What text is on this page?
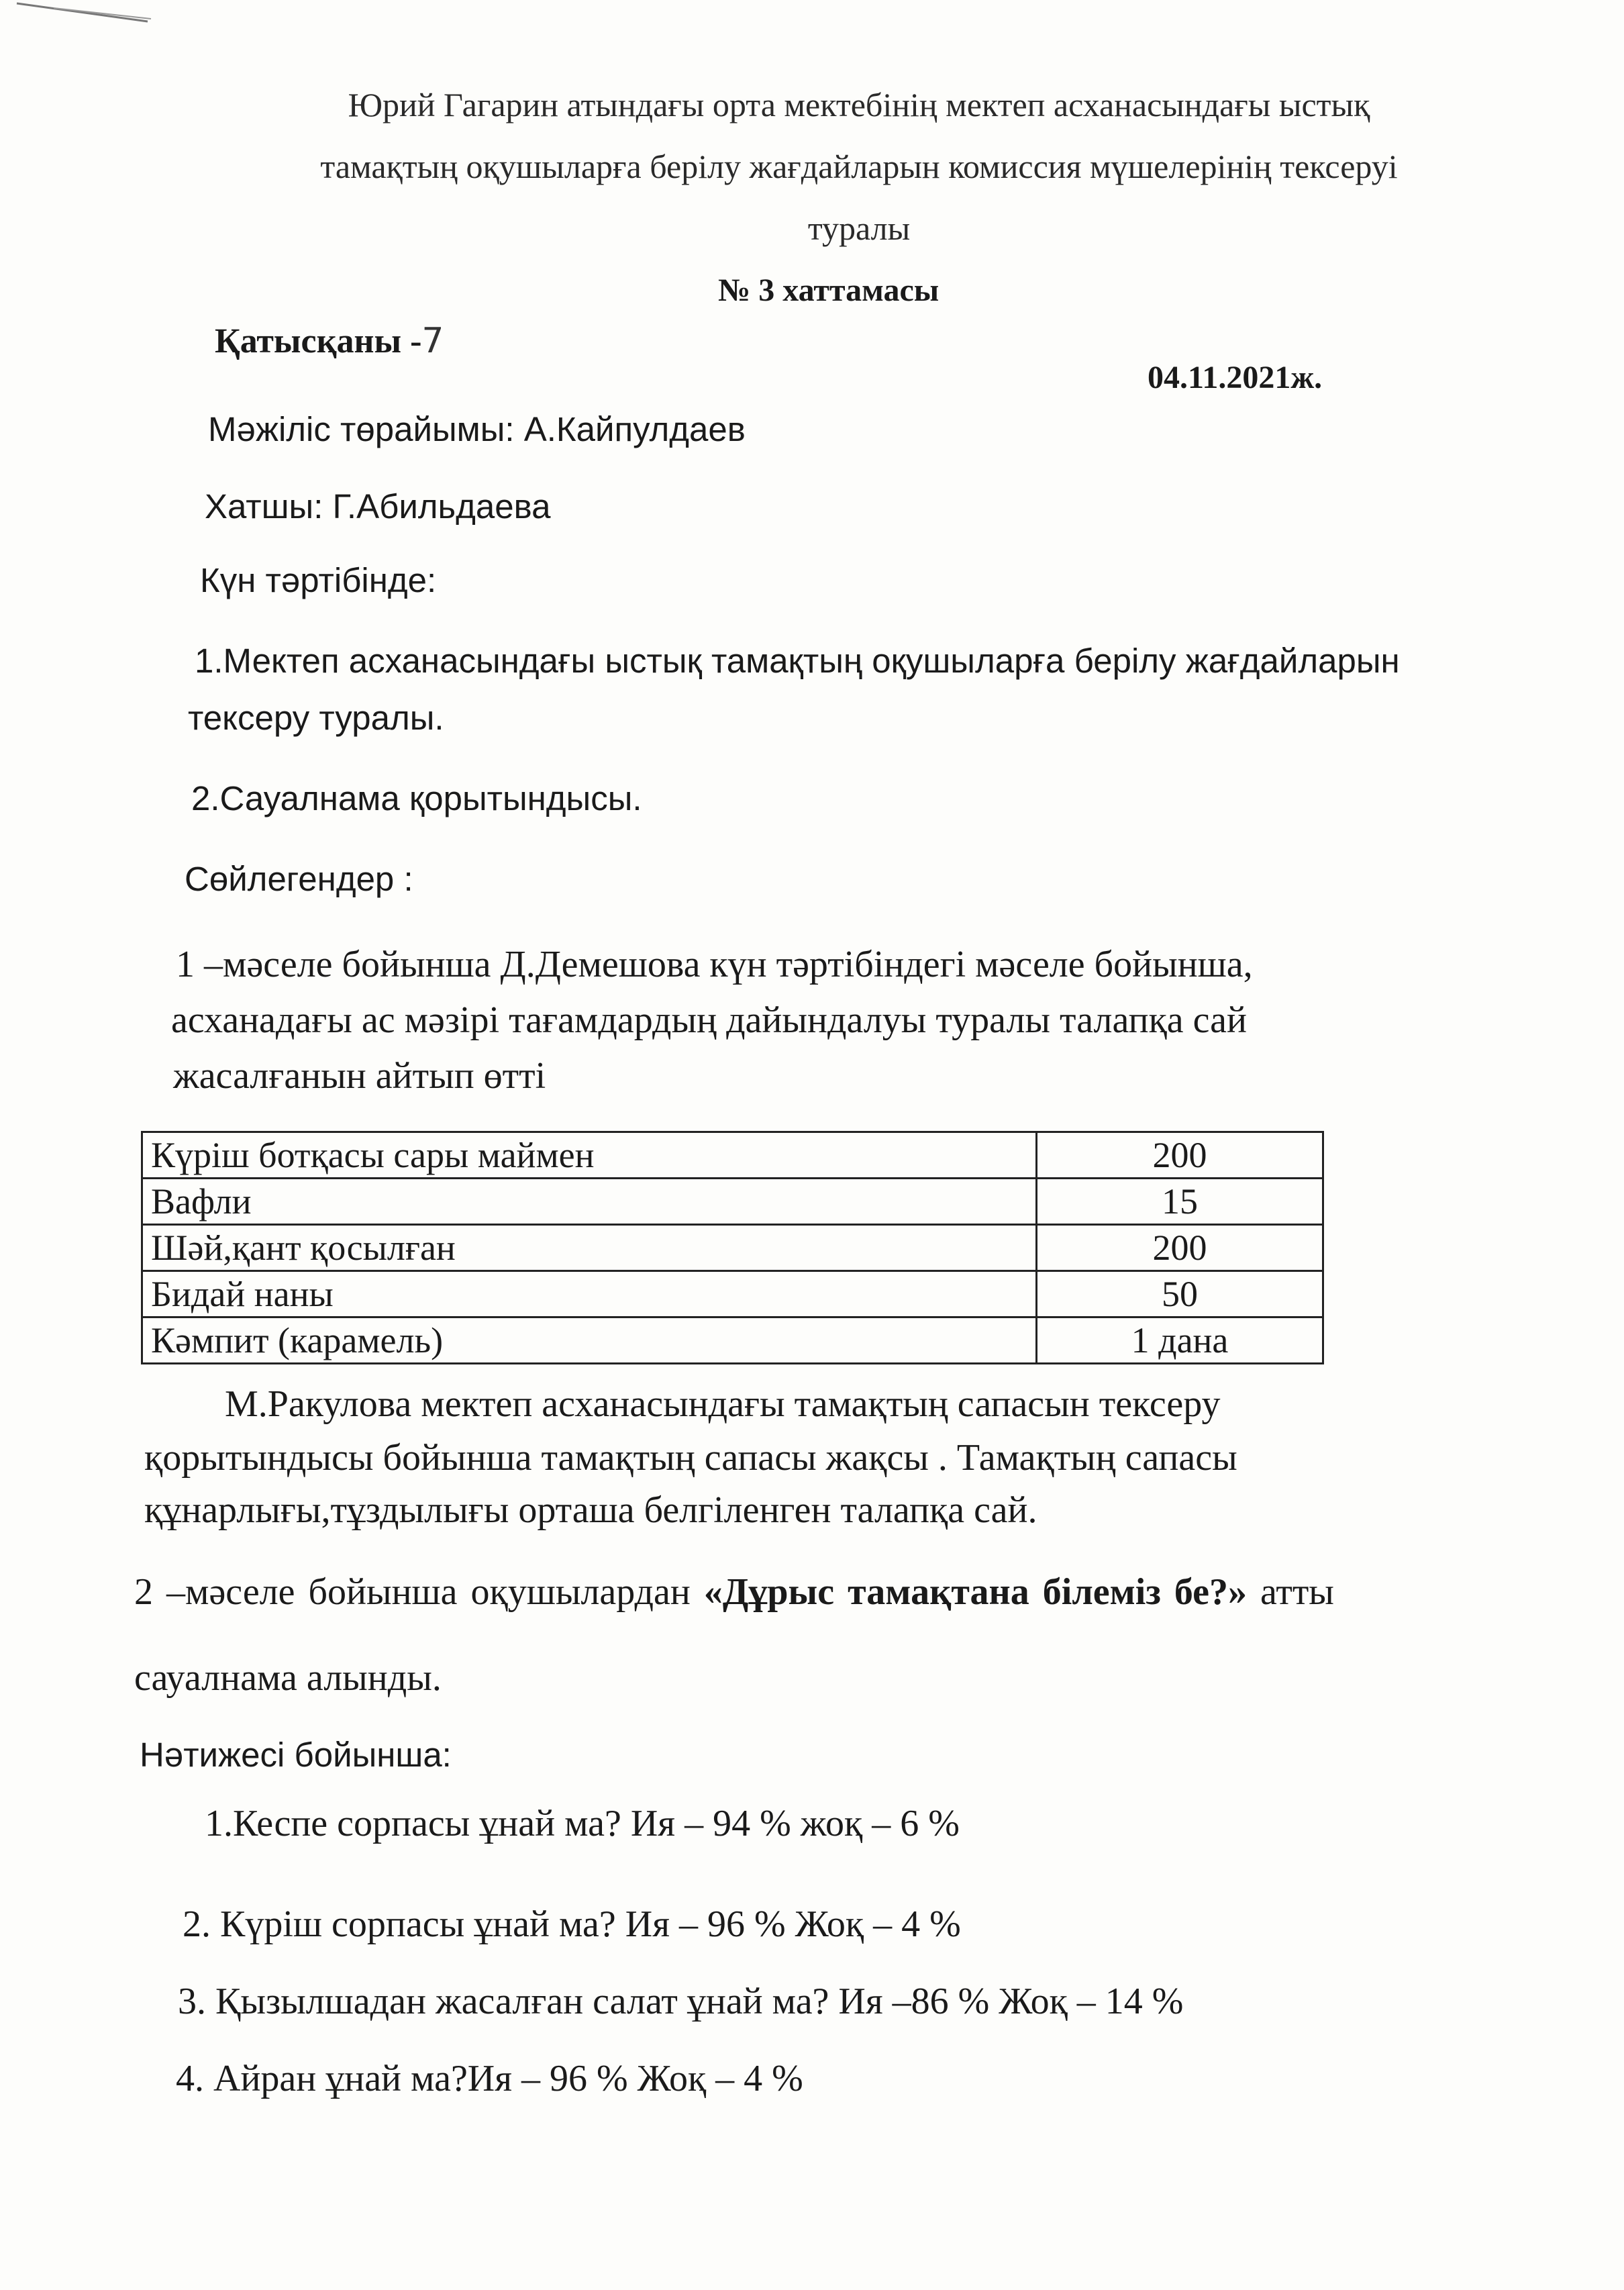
Юрий Гагарин атындағы орта мектебінің мектеп асханасындағы ыстық
тамақтың оқушыларға берілу жағдайларын комиссия мүшелерінің тексеруі
туралы
№ 3 хаттамасы
Қатысқаны -7
04.11.2021ж.
Мәжіліс төрайымы: А.Кайпулдаев
Хатшы: Г.Абильдаева
Күн тәртібінде:
1.Мектеп асханасындағы ыстық тамақтың оқушыларға берілу жағдайларын
тексеру туралы.
2.Сауалнама қорытындысы.
Сөйлегендер :
1 –мәселе бойынша Д.Демешова күн тәртібіндегі мәселе бойынша,
асханадағы ас мәзірі тағамдардың дайындалуы туралы талапқа сай
жасалғанын айтып өтті
Күріш ботқасы сары маймен	200
Вафли	15
Шәй,қант қосылған	200
Бидай наны	50
Кәмпит (карамель)	1 дана
М.Ракулова мектеп асханасындағы тамақтың сапасын тексеру
қорытындысы бойынша тамақтың сапасы жақсы . Тамақтың сапасы
құнарлығы,тұздылығы орташа белгіленген талапқа сай.
2 –мәселе бойынша оқушылардан «Дұрыс тамақтана білеміз бе?» атты
сауалнама алынды.
Нәтижесі бойынша:
1.Кеспе сорпасы ұнай ма? Ия – 94 % жоқ – 6 %
2. Күріш сорпасы ұнай ма? Ия – 96 % Жоқ – 4 %
3. Қызылшадан жасалған салат ұнай ма? Ия –86 % Жоқ – 14 %
4. Айран ұнай ма?Ия – 96 % Жоқ – 4 %
